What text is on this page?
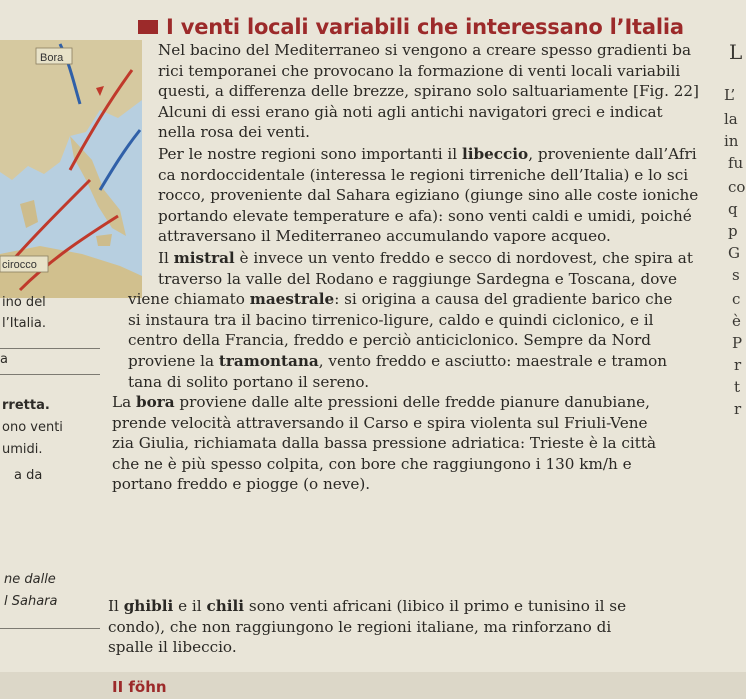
I venti locali variabili che interessano l’Italia
Bora
cirocco
Nel bacino del Mediterraneo si vengono a creare spesso gradienti ba
rici temporanei che provocano la formazione di venti locali variabili
questi, a differenza delle brezze, spirano solo saltuariamente [Fig. 22]
Alcuni di essi erano già noti agli antichi navigatori greci e indicat
nella rosa dei venti.
Per le nostre regioni sono importanti il libeccio, proveniente dall’Afri
ca nordoccidentale (interessa le regioni tirreniche dell’Italia) e lo sci
rocco, proveniente dal Sahara egiziano (giunge sino alle coste ioniche
portando elevate temperature e afa): sono venti caldi e umidi, poiché
attraversano il Mediterraneo accumulando vapore acqueo.
Il mistral è invece un vento freddo e secco di nordovest, che spira at
traverso la valle del Rodano e raggiunge Sardegna e Toscana, dove
viene chiamato maestrale: si origina a causa del gradiente barico che
si instaura tra il bacino tirrenico-ligure, caldo e quindi ciclonico, e il
centro della Francia, freddo e perciò anticiclonico. Sempre da Nord
proviene la tramontana, vento freddo e asciutto: maestrale e tramon
tana di solito portano il sereno.
La bora proviene dalle alte pressioni delle fredde pianure danubiane,
prende velocità attraversando il Carso e spira violenta sul Friuli-Vene
zia Giulia, richiamata dalla bassa pressione adriatica: Trieste è la città
che ne è più spesso colpita, con bore che raggiungono i 130 km/h e
portano freddo e piogge (o neve).
Il ghibli e il chili sono venti africani (libico il primo e tunisino il se
condo), che non raggiungono le regioni italiane, ma rinforzano di
spalle il libeccio.
ino del
l’Italia.
a
rretta.
ono venti
umidi.
a da
ne dalle
l Sahara
L
L’
la
in
fu
co
q
p
G
s
c
è
P
r
t
r
II föhn
